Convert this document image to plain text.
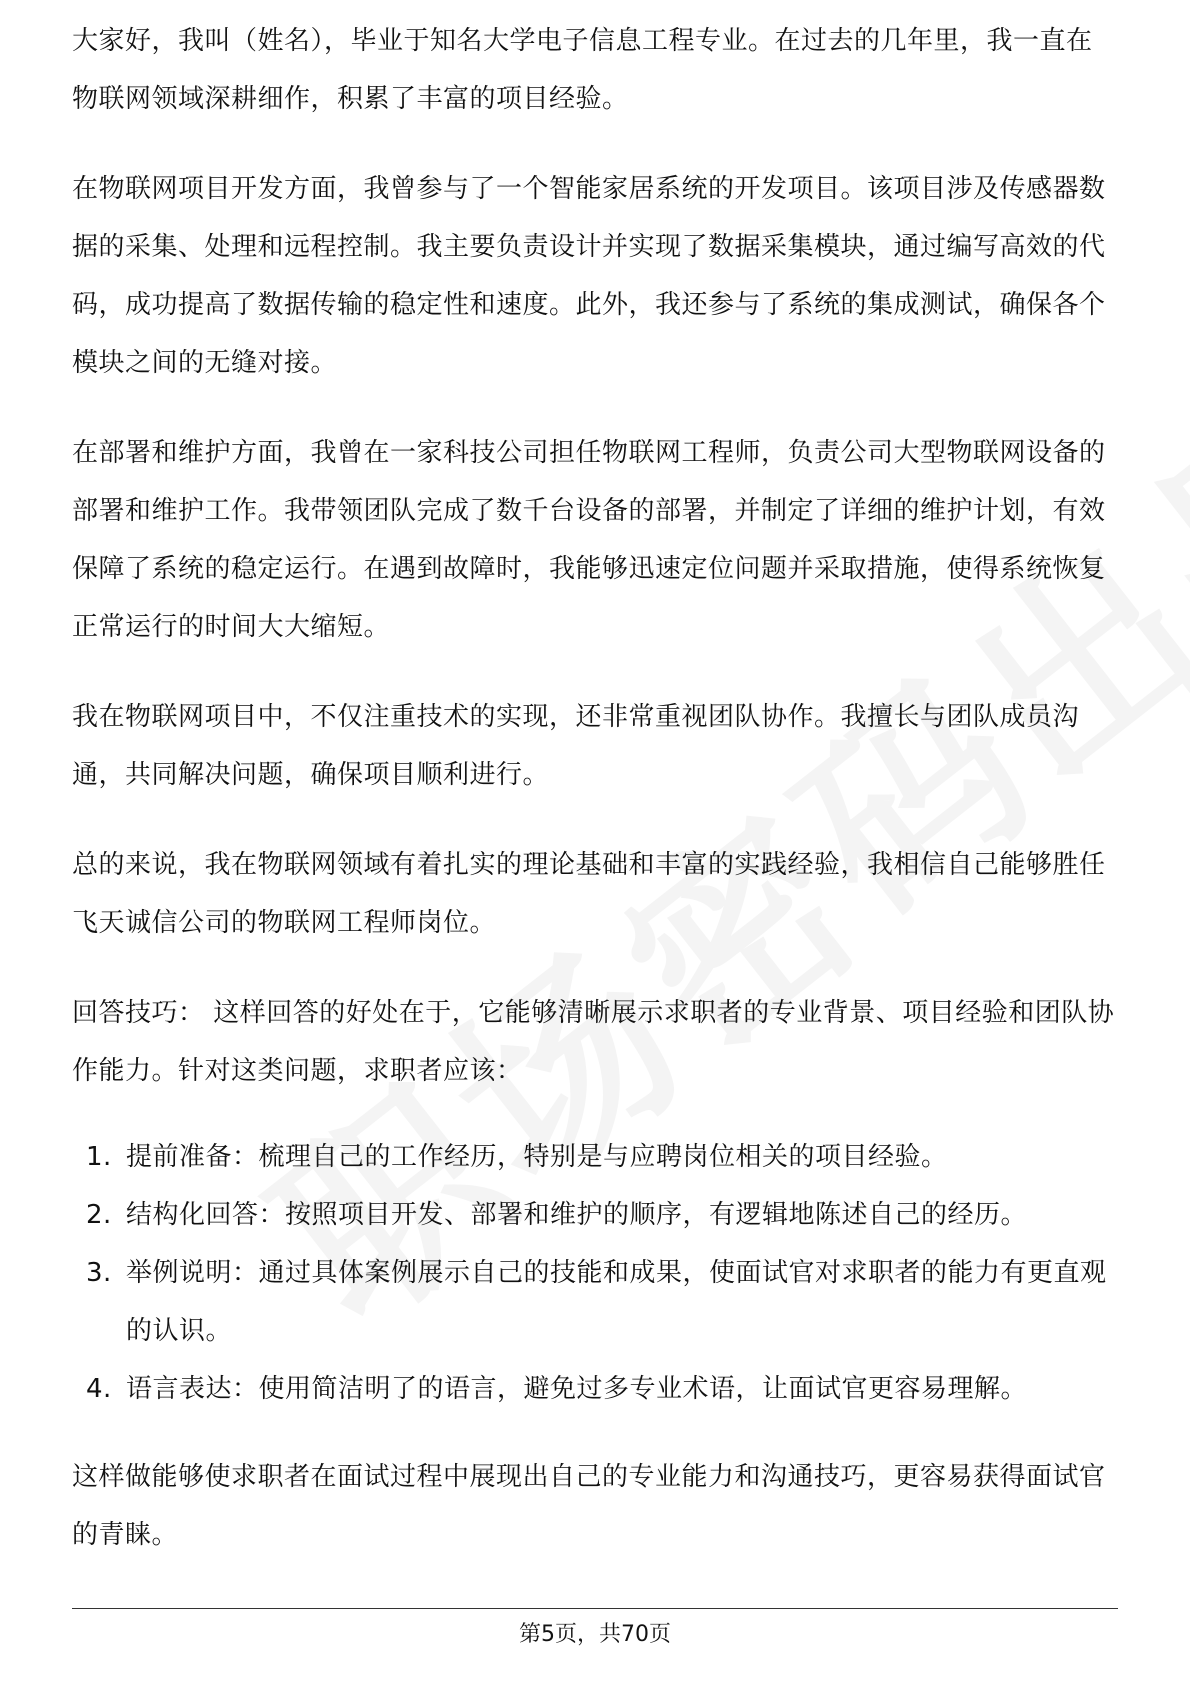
大家好，我叫（姓名），毕业于知名大学电子信息工程专业。在过去的几年里，我一直在物联网领域深耕细作，积累了丰富的项目经验。

在物联网项目开发方面，我曾参与了一个智能家居系统的开发项目。该项目涉及传感器数据的采集、处理和远程控制。我主要负责设计并实现了数据采集模块，通过编写高效的代码，成功提高了数据传输的稳定性和速度。此外，我还参与了系统的集成测试，确保各个模块之间的无缝对接。

在部署和维护方面，我曾在一家科技公司担任物联网工程师，负责公司大型物联网设备的部署和维护工作。我带领团队完成了数千台设备的部署，并制定了详细的维护计划，有效保障了系统的稳定运行。在遇到故障时，我能够迅速定位问题并采取措施，使得系统恢复正常运行的时间大大缩短。

我在物联网项目中，不仅注重技术的实现，还非常重视团队协作。我擅长与团队成员沟通，共同解决问题，确保项目顺利进行。

总的来说，我在物联网领域有着扎实的理论基础和丰富的实践经验，我相信自己能够胜任飞天诚信公司的物联网工程师岗位。

回答技巧： 这样回答的好处在于，它能够清晰展示求职者的专业背景、项目经验和团队协作能力。针对这类问题，求职者应该：

1. 提前准备：梳理自己的工作经历，特别是与应聘岗位相关的项目经验。
2. 结构化回答：按照项目开发、部署和维护的顺序，有逻辑地陈述自己的经历。
3. 举例说明：通过具体案例展示自己的技能和成果，使面试官对求职者的能力有更直观的认识。
4. 语言表达：使用简洁明了的语言，避免过多专业术语，让面试官更容易理解。

这样做能够使求职者在面试过程中展现出自己的专业能力和沟通技巧，更容易获得面试官的青睐。

第5页，共70页
